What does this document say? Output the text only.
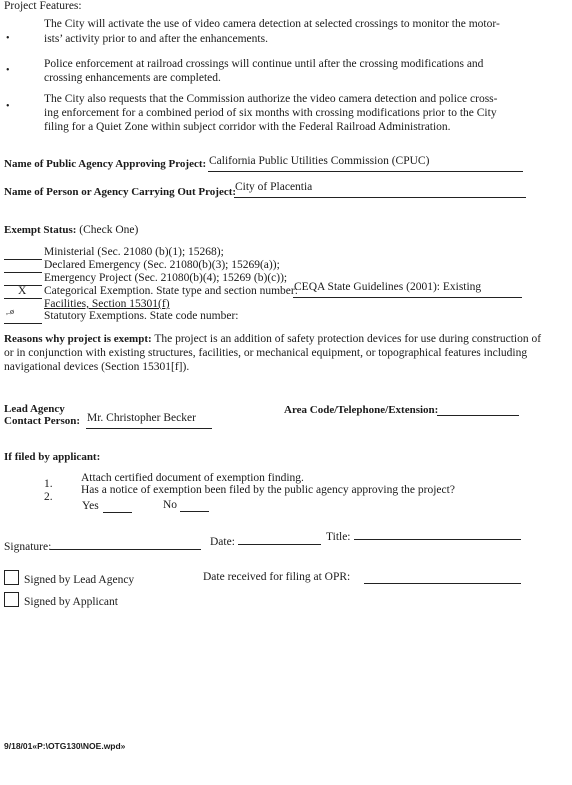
Project Features:
•
The City will activate the use of video camera detection at selected crossings to monitor the motor-
ists’ activity prior to and after the enhancements.
•
Police enforcement at railroad crossings will continue until after the crossing modifications and
crossing enhancements are completed.
•
The City also requests that the Commission authorize the video camera detection and police cross-
ing enforcement for a combined period of six months with crossing modifications prior to the City
filing for a Quiet Zone within subject corridor with the Federal Railroad Administration.
Name of Public Agency Approving Project: California Public Utilities Commission (CPUC)
Name of Person or Agency Carrying Out Project:
City of Placentia
Exempt Status: (Check One)
Ministerial (Sec. 21080 (b)(1); 15268);
Declared Emergency (Sec. 21080(b)(3); 15269(a));
Emergency Project (Sec. 21080(b)(4); 15269 (b)(c));
X Categorical Exemption. State type and section number:
CEQA State Guidelines (2001): Existing
Facilities, Section 15301(f)
,.ø	Statutory Exemptions. State code number:
Reasons why project is exempt: The project is an addition of safety protection devices for use during construction of
or in conjunction with existing structures, facilities, or mechanical equipment, or topographical features including
navigational devices (Section 15301[f]).
Lead Agency
Contact Person: Mr. Christopher Becker
Area Code/Telephone/Extension:
If filed by applicant:
1. Attach certified document of exemption finding.
2.
Has a notice of exemption been filed by the public agency approving the project?
Yes	No
Signature:	Date:	Title:
Signed by Lead Agency
Signed by Applicant
Date received for filing at OPR:
9/18/01«P:\OTG130\NOE.wpd»
